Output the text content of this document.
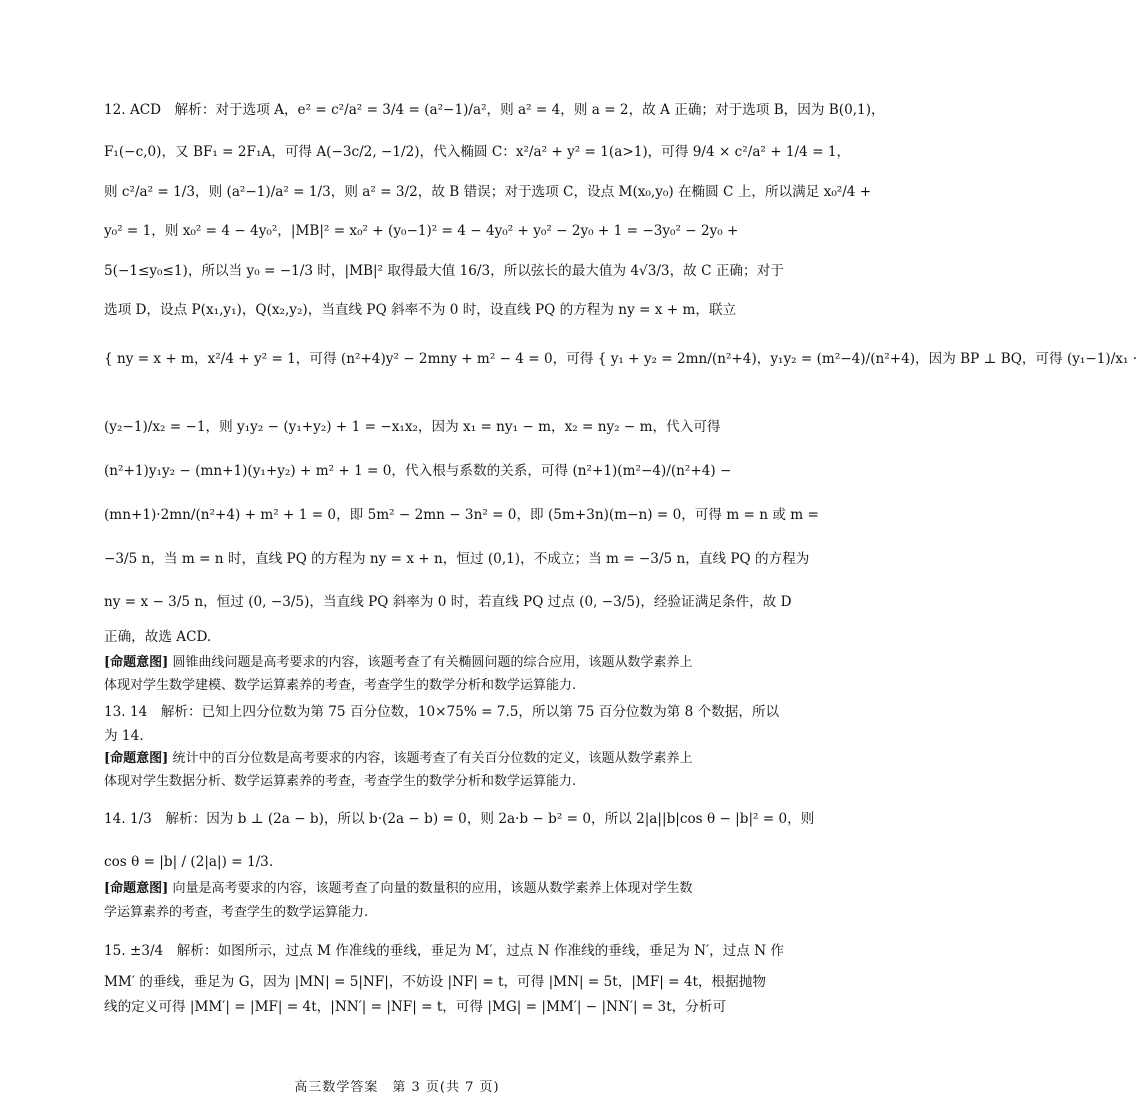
12. ACD　解析：对于选项 A，e² = c²/a² = 3/4 = (a²−1)/a²，则 a² = 4，则 a = 2，故 A 正确；对于选项 B，因为 B(0,1)，
F₁(−c,0)，又 BF₁ = 2F₁A，可得 A(−3c/2, −1/2)，代入椭圆 C：x²/a² + y² = 1(a>1)，可得 9/4 × c²/a² + 1/4 = 1，
则 c²/a² = 1/3，则 (a²−1)/a² = 1/3，则 a² = 3/2，故 B 错误；对于选项 C，设点 M(x₀,y₀) 在椭圆 C 上，所以满足 x₀²/4 +
y₀² = 1，则 x₀² = 4 − 4y₀²，|MB|² = x₀² + (y₀−1)² = 4 − 4y₀² + y₀² − 2y₀ + 1 = −3y₀² − 2y₀ +
5(−1≤y₀≤1)，所以当 y₀ = −1/3 时，|MB|² 取得最大值 16/3，所以弦长的最大值为 4√3/3，故 C 正确；对于
选项 D，设点 P(x₁,y₁)，Q(x₂,y₂)，当直线 PQ 斜率不为 0 时，设直线 PQ 的方程为 ny = x + m，联立
{ ny = x + m，x²/4 + y² = 1，可得 (n²+4)y² − 2mny + m² − 4 = 0，可得 { y₁ + y₂ = 2mn/(n²+4)，y₁y₂ = (m²−4)/(n²+4)，因为 BP ⊥ BQ，可得 (y₁−1)/x₁ ·
(y₂−1)/x₂ = −1，则 y₁y₂ − (y₁+y₂) + 1 = −x₁x₂，因为 x₁ = ny₁ − m，x₂ = ny₂ − m，代入可得
(n²+1)y₁y₂ − (mn+1)(y₁+y₂) + m² + 1 = 0，代入根与系数的关系，可得 (n²+1)(m²−4)/(n²+4) −
(mn+1)·2mn/(n²+4) + m² + 1 = 0，即 5m² − 2mn − 3n² = 0，即 (5m+3n)(m−n) = 0，可得 m = n 或 m =
−3/5 n，当 m = n 时，直线 PQ 的方程为 ny = x + n，恒过 (0,1)，不成立；当 m = −3/5 n，直线 PQ 的方程为
ny = x − 3/5 n，恒过 (0, −3/5)，当直线 PQ 斜率为 0 时，若直线 PQ 过点 (0, −3/5)，经验证满足条件，故 D
正确，故选 ACD.
[命题意图] 圆锥曲线问题是高考要求的内容，该题考查了有关椭圆问题的综合应用，该题从数学素养上
体现对学生数学建模、数学运算素养的考查，考查学生的数学分析和数学运算能力.
13. 14　解析：已知上四分位数为第 75 百分位数，10×75% = 7.5，所以第 75 百分位数为第 8 个数据，所以
为 14.
[命题意图] 统计中的百分位数是高考要求的内容，该题考查了有关百分位数的定义，该题从数学素养上
体现对学生数据分析、数学运算素养的考查，考查学生的数学分析和数学运算能力.
14. 1/3　解析：因为 b ⊥ (2a − b)，所以 b·(2a − b) = 0，则 2a·b − b² = 0，所以 2|a||b|cos θ − |b|² = 0，则
cos θ = |b| / (2|a|) = 1/3.
[命题意图] 向量是高考要求的内容，该题考查了向量的数量积的应用，该题从数学素养上体现对学生数
学运算素养的考查，考查学生的数学运算能力.
15. ±3/4　解析：如图所示，过点 M 作准线的垂线，垂足为 M′，过点 N 作准线的垂线，垂足为 N′，过点 N 作
MM′ 的垂线，垂足为 G，因为 |MN| = 5|NF|，不妨设 |NF| = t，可得 |MN| = 5t，|MF| = 4t，根据抛物
线的定义可得 |MM′| = |MF| = 4t，|NN′| = |NF| = t，可得 |MG| = |MM′| − |NN′| = 3t，分析可
高三数学答案　第 3 页(共 7 页)
